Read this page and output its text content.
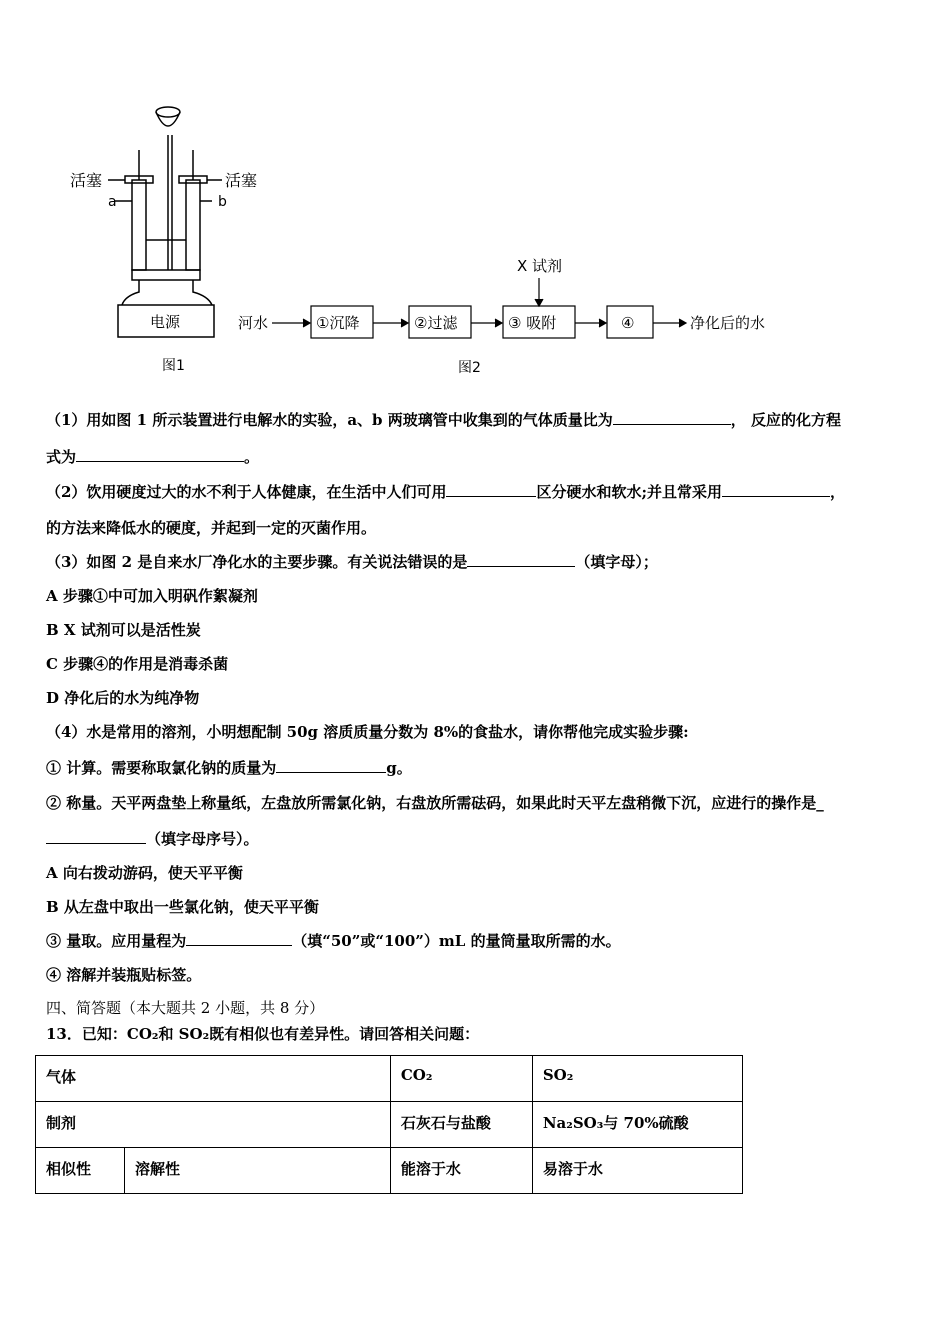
活塞	活塞
a	b
电源
图1
X 试剂
河水	①沉降	②过滤	③ 吸附	④	净化后的水
图2
（1）用如图 1 所示装置进行电解水的实验，a、b 两玻璃管中收集到的气体质量比为	， 反应的化方程
式为	。
（2）饮用硬度过大的水不利于人体健康，在生活中人们可用	区分硬水和软水;并且常采用	，
的方法来降低水的硬度，并起到一定的灭菌作用。
（3）如图 2 是自来水厂净化水的主要步骤。有关说法错误的是	（填字母）；
A 步骤①中可加入明矾作絮凝剂
B X 试剂可以是活性炭
C 步骤④的作用是消毒杀菌
D 净化后的水为纯净物
（4）水是常用的溶剂，小明想配制 50g 溶质质量分数为 8%的食盐水，请你帮他完成实验步骤:
① 计算。需要称取氯化钠的质量为	g。
② 称量。天平两盘垫上称量纸，左盘放所需氯化钠，右盘放所需砝码，如果此时天平左盘稍微下沉，应进行的操作是_
（填字母序号）。
A 向右拨动游码，使天平平衡
B 从左盘中取出一些氯化钠，使天平平衡
③ 量取。应用量程为	（填“50”或“100”）mL 的量筒量取所需的水。
④ 溶解并装瓶贴标签。
四、简答题（本大题共 2 小题，共 8 分）
13．已知：CO₂和 SO₂既有相似也有差异性。请回答相关问题：
气体		CO₂	SO₂
制剂		石灰石与盐酸	Na₂SO₃与 70%硫酸
相似性	溶解性	能溶于水	易溶于水
